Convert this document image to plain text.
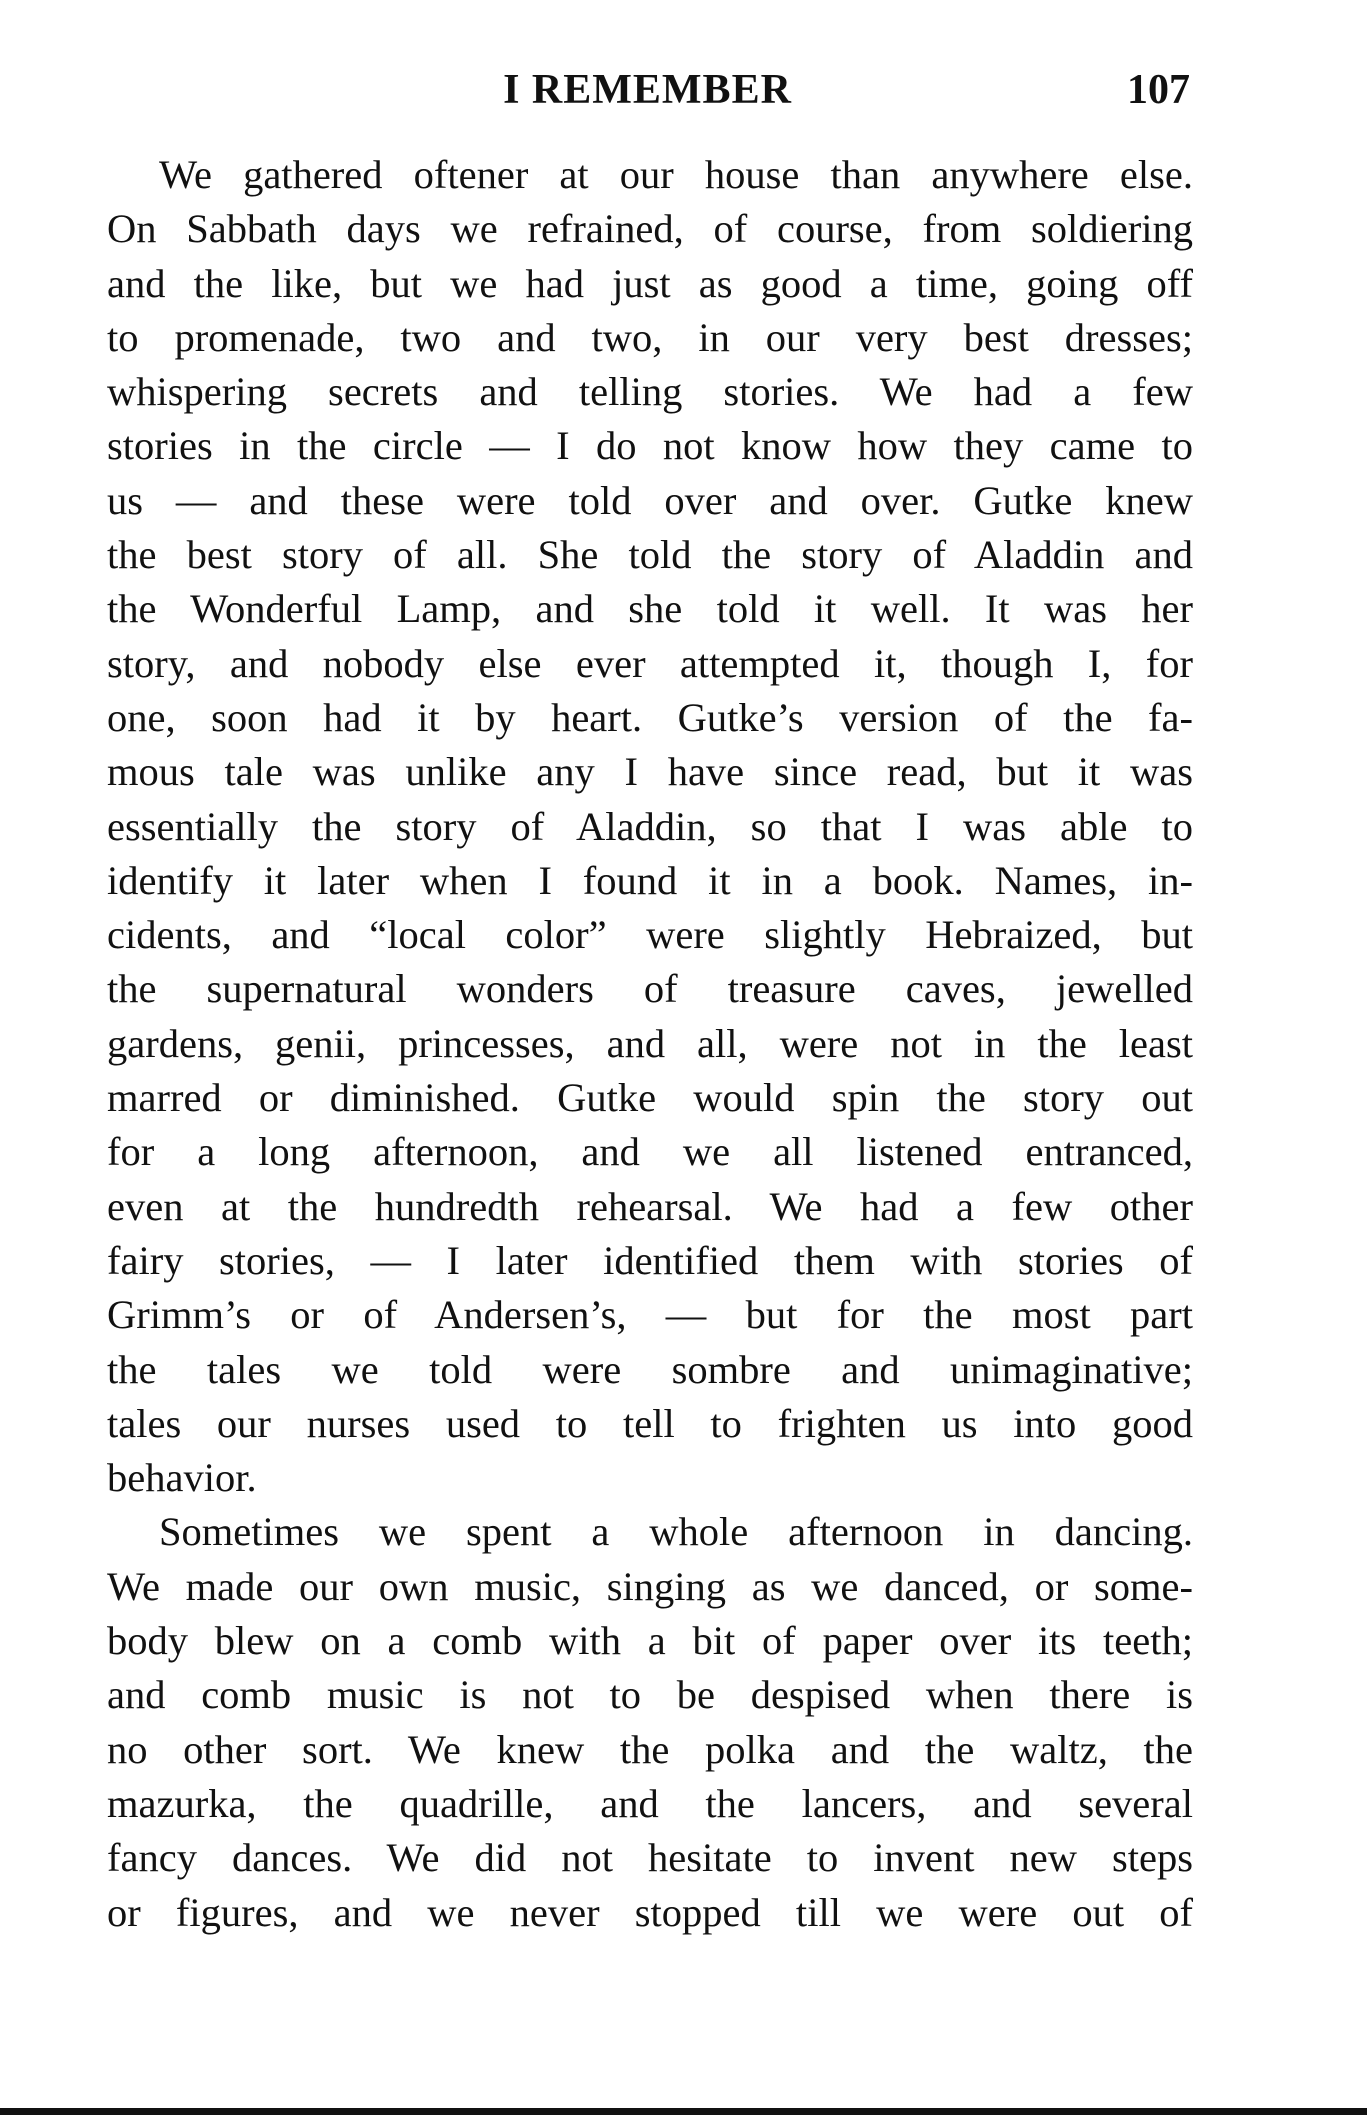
I REMEMBER	107
We gathered oftener at our house than anywhere else.
On Sabbath days we refrained, of course, from soldiering
and the like, but we had just as good a time, going off
to promenade, two and two, in our very best dresses;
whispering secrets and telling stories. We had a few
stories in the circle — I do not know how they came to
us — and these were told over and over. Gutke knew
the best story of all. She told the story of Aladdin and
the Wonderful Lamp, and she told it well. It was her
story, and nobody else ever attempted it, though I, for
one, soon had it by heart. Gutke’s version of the fa-
mous tale was unlike any I have since read, but it was
essentially the story of Aladdin, so that I was able to
identify it later when I found it in a book. Names, in-
cidents, and “local color” were slightly Hebraized, but
the supernatural wonders of treasure caves, jewelled
gardens, genii, princesses, and all, were not in the least
marred or diminished. Gutke would spin the story out
for a long afternoon, and we all listened entranced,
even at the hundredth rehearsal. We had a few other
fairy stories, — I later identified them with stories of
Grimm’s or of Andersen’s, — but for the most part
the tales we told were sombre and unimaginative;
tales our nurses used to tell to frighten us into good
behavior.
Sometimes we spent a whole afternoon in dancing.
We made our own music, singing as we danced, or some-
body blew on a comb with a bit of paper over its teeth;
and comb music is not to be despised when there is
no other sort. We knew the polka and the waltz, the
mazurka, the quadrille, and the lancers, and several
fancy dances. We did not hesitate to invent new steps
or figures, and we never stopped till we were out of
